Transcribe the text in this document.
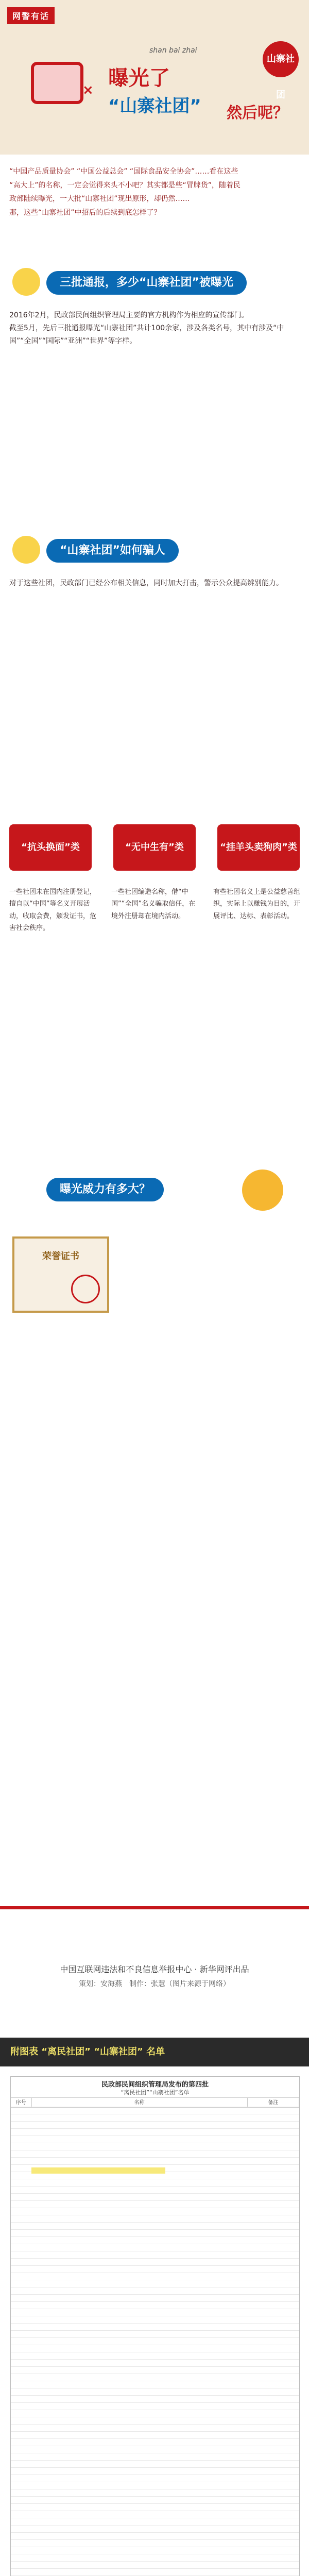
网警有话
山寨社团
shan bai zhai
× 曝光了
“山寨社团” 然后呢？
“中国产品质量协会” “中国公益总会” “国际食品安全协会”……看在这些
“高大上”的名称，一定会觉得来头不小吧？其实都是些“冒牌货”，随着民
政部陆续曝光，一大批“山寨社团”现出原形，却仍然……
那，这些“山寨社团”中招后的后续到底怎样了？
三批通报，多少“山寨社团”被曝光
2016年2月，民政部民间组织管理局主要的官方机构作为相应的宣传部门。
截至5月，先后三批通报曝光“山寨社团”共计100余家，涉及各类名号，其中有涉及“中国”“全国”“国际”“亚洲”“世界”等字样。
“山寨社团”如何骗人
对于这些社团，民政部门已经公布相关信息，同时加大打击，警示公众提高辨别能力。
“抗头换面”类	“无中生有”类	“挂羊头卖狗肉”类
一些社团未在国内注册登记，擅自以“中国”等名义开展活动，收取会费，颁发证书，危害社会秩序。
一些社团编造名称，借“中国”“全国”名义骗取信任，在境外注册却在境内活动。
有些社团名义上是公益慈善组织，实际上以赚钱为目的，开展评比、达标、表彰活动。
曝光威力有多大？
荣誉证书
中国互联网违法和不良信息举报中心 · 新华网评出品
策划：安海燕　制作：张慧（图片来源于网络）
附图表 “离民社团” “山寨社团” 名单
民政部民间组织管理局发布的第四批
“离民社团”“山寨社团”名单
序号	名称	备注
